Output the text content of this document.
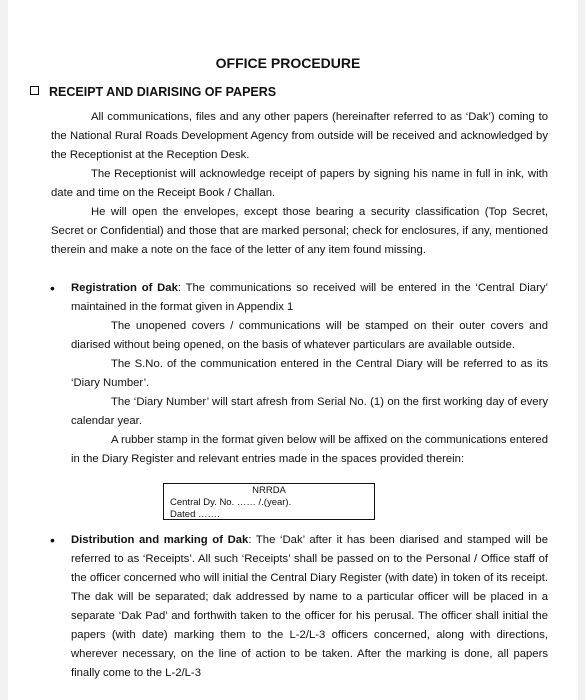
OFFICE PROCEDURE
RECEIPT AND DIARISING OF PAPERS

All communications, files and any other papers (hereinafter referred to as ‘Dak’) coming to the National Rural Roads Development Agency from outside will be received and acknowledged by the Receptionist at the Reception Desk.

The Receptionist will acknowledge receipt of papers by signing his name in full in ink, with date and time on the Receipt Book / Challan.

He will open the envelopes, except those bearing a security classification (Top Secret, Secret or Confidential) and those that are marked personal; check for enclosures, if any, mentioned therein and make a note on the face of the letter of any item found missing.

• Registration of Dak: The communications so received will be entered in the ‘Central Diary’ maintained in the format given in Appendix 1

The unopened covers / communications will be stamped on their outer covers and diarised without being opened, on the basis of whatever particulars are available outside.

The S.No. of the communication entered in the Central Diary will be referred to as its ‘Diary Number’.

The ‘Diary Number’ will start afresh from Serial No. (1) on the first working day of every calendar year.

A rubber stamp in the format given below will be affixed on the communications entered in the Diary Register and relevant entries made in the spaces provided therein:

NRRDA
Central Dy. No. …… /.(year).
Dated …….
• Distribution and marking of Dak: The ‘Dak’ after it has been diarised and stamped will be referred to as ‘Receipts’. All such ‘Receipts’ shall be passed on to the Personal / Office staff of the officer concerned who will initial the Central Diary Register (with date) in token of its receipt. The dak will be separated; dak addressed by name to a particular officer will be placed in a separate ‘Dak Pad’ and forthwith taken to the officer for his perusal. The officer shall initial the papers (with date) marking them to the L-2/L-3 officers concerned, along with directions, wherever necessary, on the line of action to be taken. After the marking is done, all papers finally come to the L-2/L-3
